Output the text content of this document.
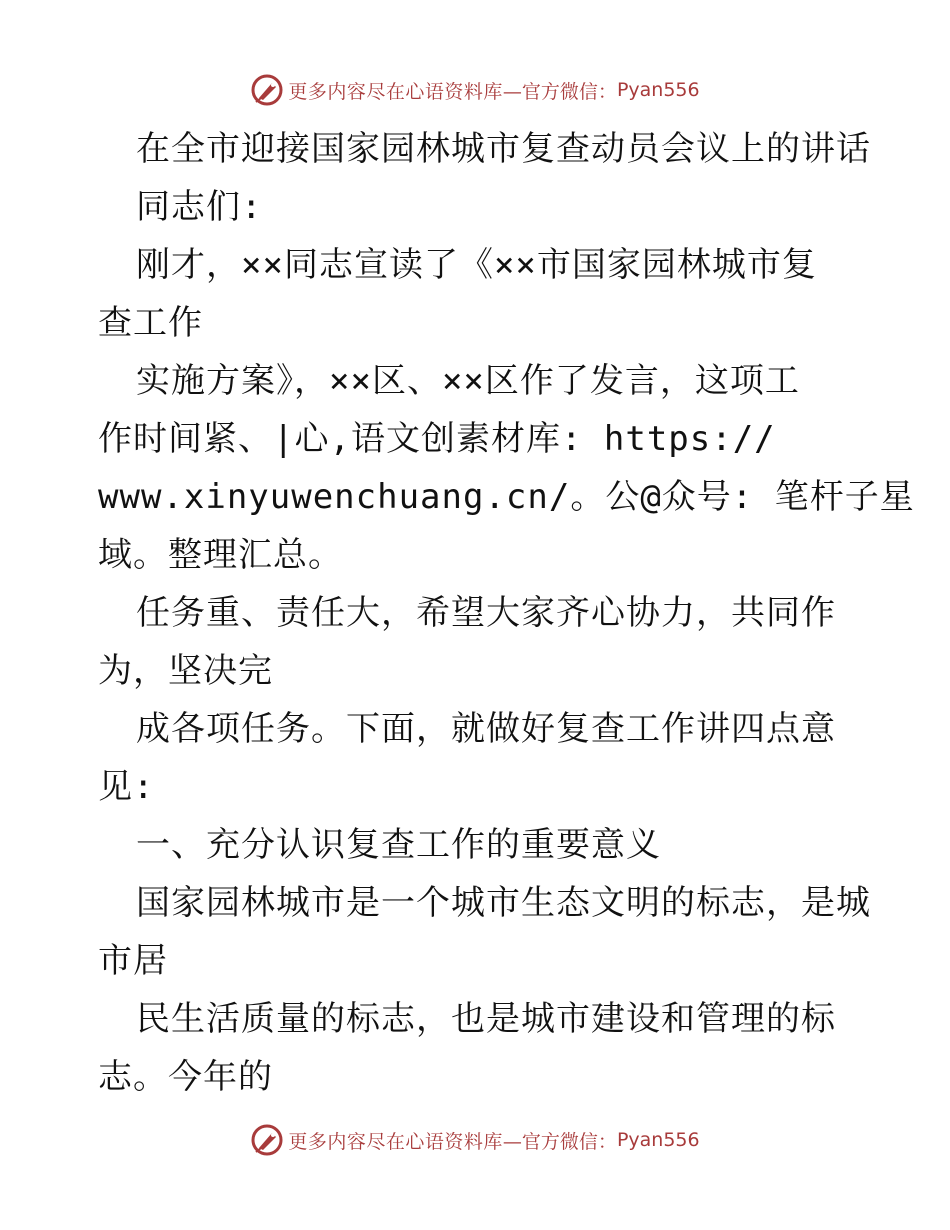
更多内容尽在心语资料库 —官方微信： Pyan556
在全市迎接国家园林城市复查动员会议上的讲话
同志们:
刚才，××同志宣读了《××市国家园林城市复
查工作
实施方案》，××区、××区作了发言，这项工
作时间紧、|心,语文创素材库: https://
www.xinyuwenchuang.cn/。公@众号: 笔杆子星
域。整理汇总。
任务重、责任大，希望大家齐心协力，共同作
为，坚决完
成各项任务。下面，就做好复查工作讲四点意
见:
一、充分认识复查工作的重要意义
国家园林城市是一个城市生态文明的标志，是城
市居
民生活质量的标志，也是城市建设和管理的标
志。今年的
更多内容尽在心语资料库 —官方微信： Pyan556
